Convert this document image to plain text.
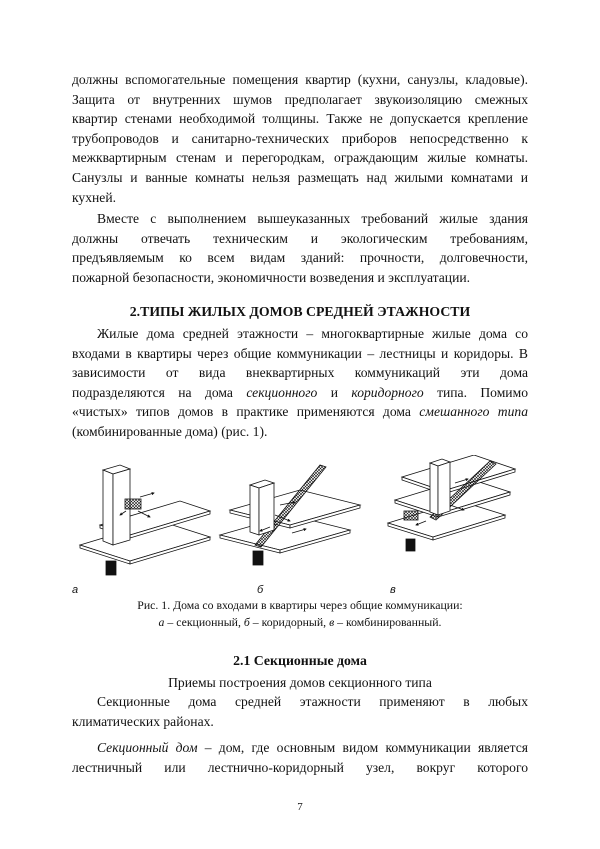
должны вспомогательные помещения квартир (кухни, санузлы, кладовые).
Защита от внутренних шумов предполагает звукоизоляцию смежных
квартир стенами необходимой толщины. Также не допускается крепление
трубопроводов и санитарно-технических приборов непосредственно к
межквартирным стенам и перегородкам, ограждающим жилые комнаты.
Санузлы и ванные комнаты нельзя размещать над жилыми комнатами и
кухней.
Вместе с выполнением вышеуказанных требований жилые здания
должны отвечать техническим и экологическим требованиям,
предъявляемым ко всем видам зданий: прочности, долговечности,
пожарной безопасности, экономичности возведения и эксплуатации.
2.ТИПЫ ЖИЛЫХ ДОМОВ СРЕДНЕЙ ЭТАЖНОСТИ
Жилые дома средней этажности – многоквартирные жилые дома со
входами в квартиры через общие коммуникации – лестницы и коридоры. В
зависимости от вида внеквартирных коммуникаций эти дома
подразделяются на дома секционного и коридорного типа. Помимо
«чистых» типов домов в практике применяются дома смешанного типа
(комбинированные дома) (рис. 1).
а	б	в
Рис. 1. Дома со входами в квартиры через общие коммуникации:
а – секционный, б – коридорный, в – комбинированный.
2.1 Секционные дома
Приемы построения домов секционного типа
Секционные дома средней этажности применяют в любых
климатических районах.
Секционный дом – дом, где основным видом коммуникации является
лестничный или лестнично-коридорный узел, вокруг которого
7
